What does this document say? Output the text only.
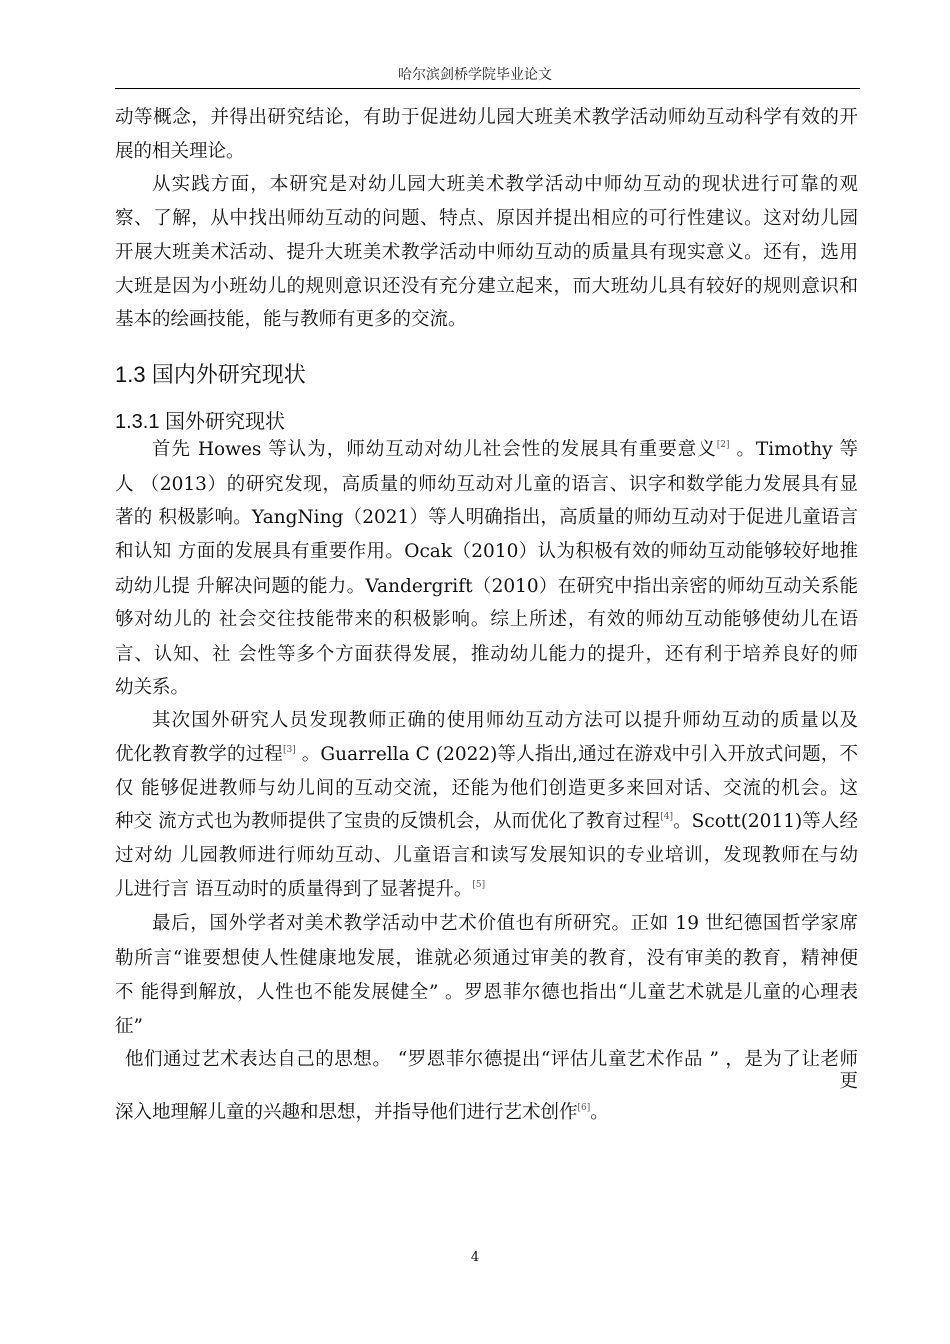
哈尔滨剑桥学院毕业论文
1.3 国内外研究现状
1.3.1 国外研究现状
动等概念，并得出研究结论，有助于促进幼儿园大班美术教学活动师幼互动科学有效的开
展的相关理论。
从实践方面，本研究是对幼儿园大班美术教学活动中师幼互动的现状进行可靠的观
察、了解，从中找出师幼互动的问题、特点、原因并提出相应的可行性建议。这对幼儿园
开展大班美术活动、提升大班美术教学活动中师幼互动的质量具有现实意义。还有，选用
大班是因为小班幼儿的规则意识还没有充分建立起来，而大班幼儿具有较好的规则意识和
基本的绘画技能，能与教师有更多的交流。
首先 Howes 等认为，师幼互动对幼儿社会性的发展具有重要意义[2] 。Timothy 等
人 （2013）的研究发现，高质量的师幼互动对儿童的语言、识字和数学能力发展具有显
著的 积极影响。YangNing（2021）等人明确指出，高质量的师幼互动对于促进儿童语言
和认知 方面的发展具有重要作用。Ocak（2010）认为积极有效的师幼互动能够较好地推
动幼儿提 升解决问题的能力。Vandergrift（2010）在研究中指出亲密的师幼互动关系能
够对幼儿的 社会交往技能带来的积极影响。综上所述，有效的师幼互动能够使幼儿在语
言、认知、社 会性等多个方面获得发展，推动幼儿能力的提升，还有利于培养良好的师
幼关系。
其次国外研究人员发现教师正确的使用师幼互动方法可以提升师幼互动的质量以及
优化教育教学的过程[3] 。Guarrella C (2022)等人指出,通过在游戏中引入开放式问题，不
仅 能够促进教师与幼儿间的互动交流，还能为他们创造更多来回对话、交流的机会。这
种交 流方式也为教师提供了宝贵的反馈机会，从而优化了教育过程[4]。Scott(2011)等人经
过对幼 儿园教师进行师幼互动、儿童语言和读写发展知识的专业培训，发现教师在与幼
儿进行言 语互动时的质量得到了显著提升。[5]
最后，国外学者对美术教学活动中艺术价值也有所研究。正如 19 世纪德国哲学家席
勒所言“谁要想使人性健康地发展，谁就必须通过审美的教育，没有审美的教育，精神便
不 能得到解放，人性也不能发展健全” 。罗恩菲尔德也指出“儿童艺术就是儿童的心理表
征”
他们通过艺术表达自己的思想。 “罗恩菲尔德提出“评估儿童艺术作品 ” ，是为了让老师
更
深入地理解儿童的兴趣和思想，并指导他们进行艺术创作[6]。
4
